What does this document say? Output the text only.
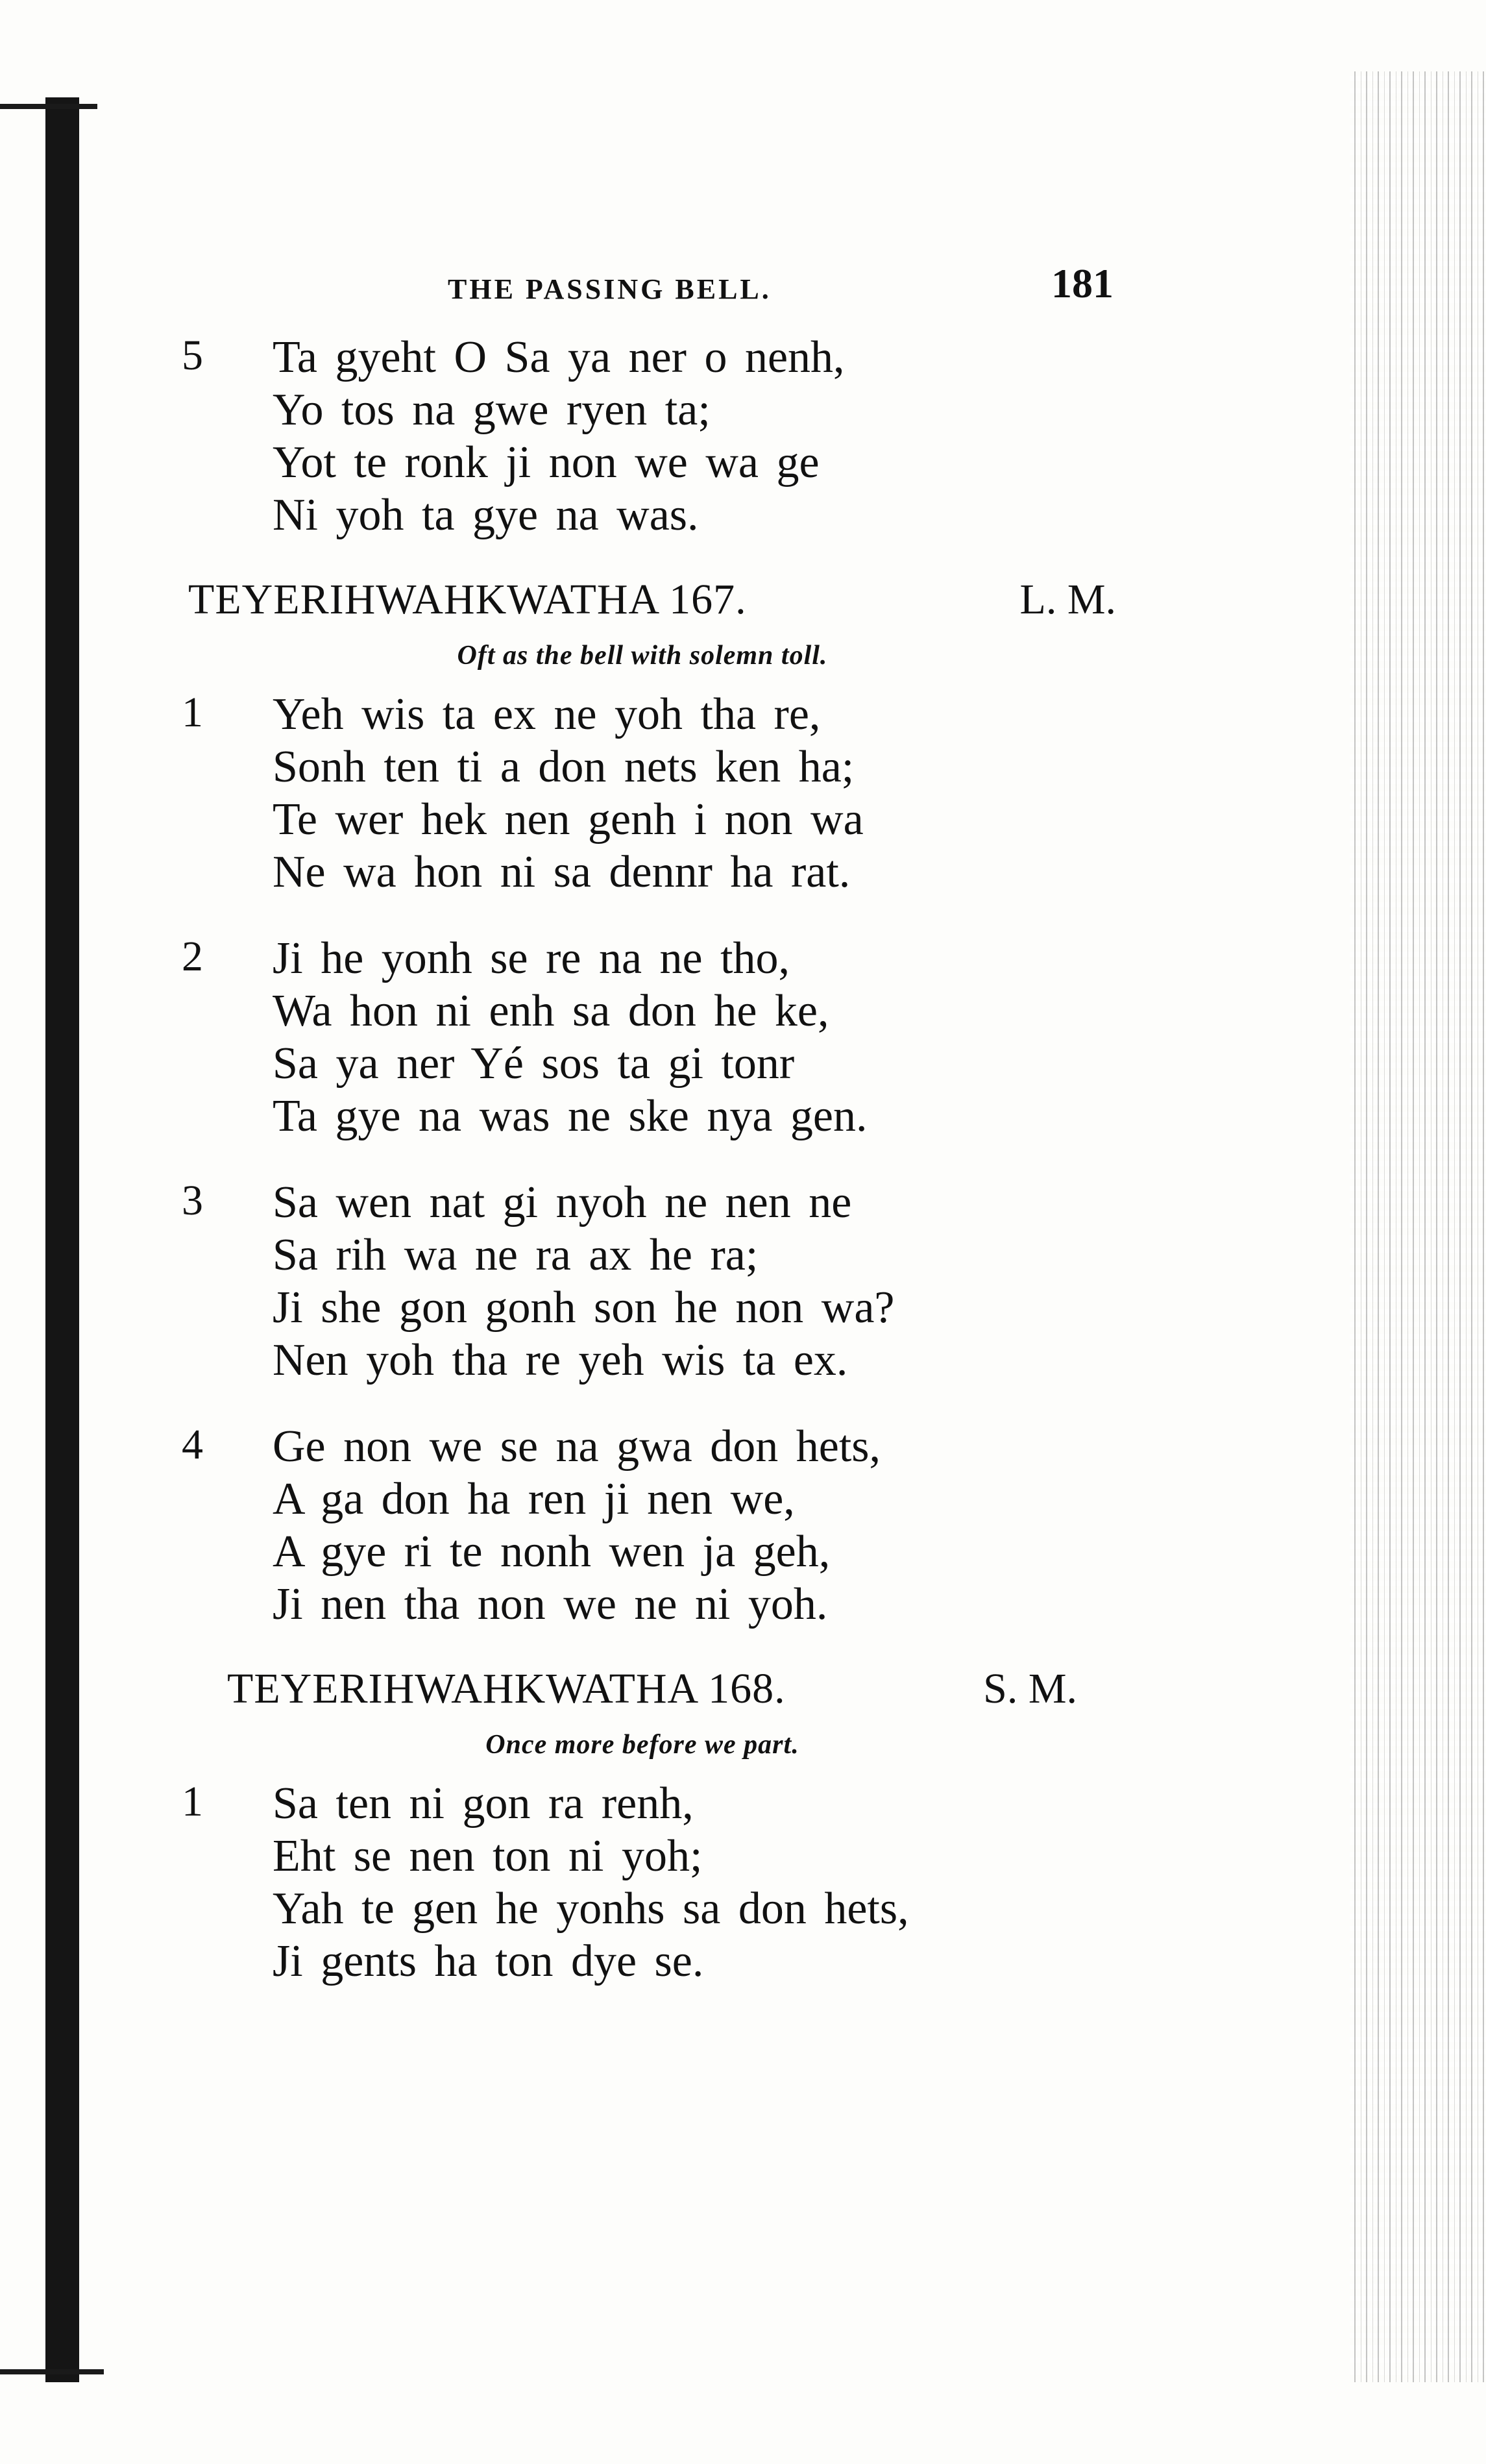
THE PASSING BELL.	181
5	Ta gyeht O Sa ya ner o nenh,
Yo tos na gwe ryen ta;
Yot te ronk ji non we wa ge
Ni yoh ta gye na was.
TEYERIHWAHKWATHA 167.	L. M.
Oft as the bell with solemn toll.
1	Yeh wis ta ex ne yoh tha re,
Sonh ten ti a don nets ken ha;
Te wer hek nen genh i non wa
Ne wa hon ni sa dennr ha rat.
2	Ji he yonh se re na ne tho,
Wa hon ni enh sa don he ke,
Sa ya ner Yé sos ta gi tonr
Ta gye na was ne ske nya gen.
3	Sa wen nat gi nyoh ne nen ne
Sa rih wa ne ra ax he ra;
Ji she gon gonh son he non wa?
Nen yoh tha re yeh wis ta ex.
4	Ge non we se na gwa don hets,
A ga don ha ren ji nen we,
A gye ri te nonh wen ja geh,
Ji nen tha non we ne ni yoh.
TEYERIHWAHKWATHA 168.	S. M.
Once more before we part.
1	Sa ten ni gon ra renh,
Eht se nen ton ni yoh;
Yah te gen he yonhs sa don hets,
Ji gents ha ton dye se.
